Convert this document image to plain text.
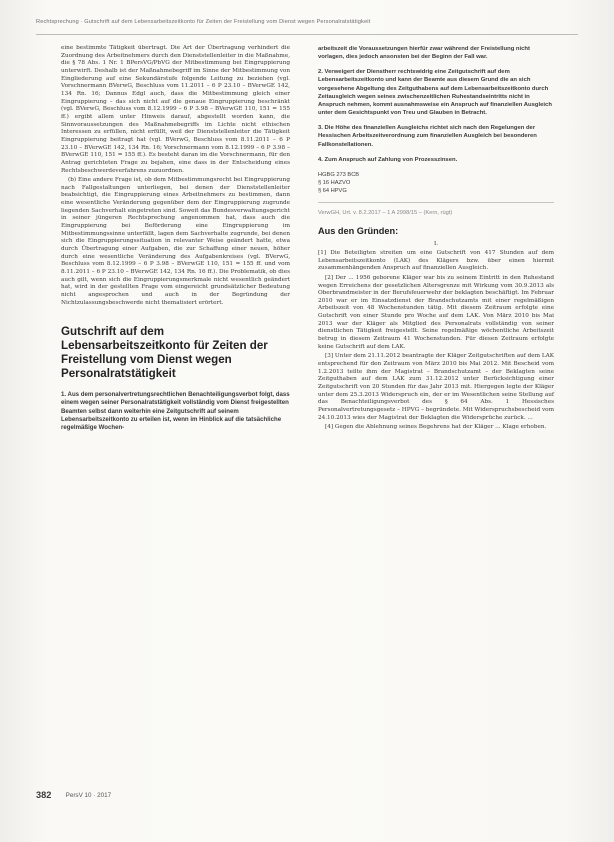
Rechtsprechung · Gutschrift auf dem Lebensarbeitszeitkonto für Zeiten der Freistellung vom Dienst wegen Personalratstätigkeit

eine bestimmte Tätigkeit übertragt. Die Art der Übertragung verhindert die Zuordnung des Arbeitnehmers durch den Dienststellenleiter in die Maßnahme, die § 78 Abs. 1 Nr. 1 BPersVG/PbVG der Mitbestimmung bei Eingruppierung unterwirft. Deshalb ist der Maßnahmebegriff im Sinne der Mitbestimmung von Eingliederung auf eine Sekundärstufe folgende Leitung zu beziehen (vgl. Vorschnermann BVerwG, Beschluss vom 11.2011 – 6 P 23.10 – BVerwGE 142, 134 Rn. 16; Dannus Edgl auch, dass die Mitbestimmung gleich einer Eingruppierung – das sich nicht auf die genaue Eingruppierung beschränkt (vgl. BVerwG, Beschluss vom 8.12.1999 – 6 P 3.98 – BVerwGE 110, 151 = 155 ff.) ergibt allem unter Hinweis darauf, abgestellt worden kann, die Sinnvoraussetzungen des Maßnahmebegriffs im Lichte nicht ethischen Interessen zu erfüllen, nicht erfüllt, weil der Dienststellenleiter die Tätigkeit Eingruppierung beitragt hat (vgl. BVerwG, Beschluss vom 8.11.2011 – 6 P 23.10 – BVerwGE 142, 134 Rn. 16; Vorschnermann vom 8.12.1999 – 6 P 3.98 – BVerwGE 110, 151 = 155 ff.). Es besteht daran im die Vorschnermann, für den Antrag gerichteten Frage zu bejahen, eine dass in der Entscheidung eines Rechtsbeschwerdeverfahrens zuzuordnen.

(b) Eine andere Frage ist, ob dem Mitbestimmungsrecht bei Eingruppierung nach Fallgestaltungen unterliegen, bei denen der Dienststellenleiter beabsichtigt, die Eingruppierung eines Arbeitnehmers zu bestimmen, dann eine wesentliche Veränderung gegenüber dem der Eingruppierung zugrunde liegenden Sachverhalt eingetreten sind. Soweit das Bundesverwaltungsgericht in seiner jüngeren Rechtsprechung angenommen hat, dass auch die Eingruppierung bei Beförderung eine Eingruppierung im Mitbestimmungssinne unterfällt, lagen dem Sachverhalte zugrunde, bei denen sich die Eingruppierungssituation in relevanter Weise geändert hatte, etwa durch Übertragung einer Aufgaben, die zur Schaffung einer neuen, höher durch eine wesentliche Veränderung des Aufgabenkreises (vgl. BVerwG, Beschluss vom 8.12.1999 – 6 P 3.98 – BVerwGE 110, 151 = 155 ff. und vom 8.11.2011 – 6 P 23.10 – BVerwGE 142, 134 Rn. 16 ff.). Die Problematik, ob dies auch gilt, wenn sich die Eingruppierungsmerkmale nicht wesentlich geändert hat, wird in der gestellten Frage vom eingereicht grundsätzlicher Bedeutung nicht angesprochen und auch in der Begründung der Nichtzulassungsbeschwerde nicht thematisiert erörtert.

Gutschrift auf dem Lebensarbeitszeitkonto für Zeiten der Freistellung vom Dienst wegen Personalratstätigkeit
1. Aus dem personalvertretungsrechtlichen Benachteiligungsverbot folgt, dass einem wegen seiner Personalratstätigkeit vollständig vom Dienst freigestellten Beamten selbst dann weiterhin eine Zeitgutschrift auf seinem Lebensarbeitszeitkonto zu erteilen ist, wenn im Hinblick auf die tatsächliche regelmäßige Wochen-
arbeitszeit die Voraussetzungen hierfür zwar während der Freistellung nicht vorlagen, dies jedoch ansonsten bei der Beginn der Fall war.
2. Verweigert der Dienstherr rechtswidrig eine Zeitgutschrift auf dem Lebensarbeitszeitkonto und kann der Beamte aus diesem Grund die an sich vorgesehene Abgeltung des Zeitguthabens auf dem Lebensarbeitszeitkonto durch Zeitausgleich wegen seines zwischenzeitlichen Ruhestandseintritts nicht in Anspruch nehmen, kommt ausnahmsweise ein Anspruch auf finanziellen Ausgleich unter dem Gesichtspunkt von Treu und Glauben in Betracht.
3. Die Höhe des finanziellen Ausgleichs richtet sich nach den Regelungen der Hessischen Arbeitszeitverordnung zum finanziellen Ausgleich bei besonderen Fallkonstellationen.
4. Zum Anspruch auf Zahlung von Prozesszinsen.
HGBG 273 BCB
§ 16 HAZVO
§ 64 HPVG
VerwGH, Urt. v. 8.2.2017 – 1 A 2998/15 – (Kern, rügt)
Aus den Gründen:
I.

[1] Die Beteiligten streiten um eine Gutschrift von 417 Stunden auf dem Lebensarbeitszeitkonto (LAK) des Klägers bzw. über einen hiermit zusammenhängenden Anspruch auf finanziellen Ausgleich.

[2] Der ... 1956 geborene Kläger war bis zu seinem Eintritt in den Ruhestand wegen Erreichens der gesetzlichen Altersgrenze mit Wirkung vom 30.9.2013 als Oberbrandmeister in der Berufsfeuerwehr der beklagten beschäftigt. Im Februar 2010 war er im Einsatzdienst der Brandschutzamts mit einer regelmäßigen Arbeitszeit von 48 Wochenstunden tätig. Mit diesem Zeitraum erfolgte eine Gutschrift von einer Stunde pro Woche auf dem LAK. Von März 2010 bis Mai 2013 war der Kläger als Mitglied des Personalrats vollständig von seiner dienstlichen Tätigkeit freigestellt. Seine regelmäßige wöchentliche Arbeitszeit betrug in diesem Zeitraum 41 Wochenstunden. Für diesen Zeitraum erfolgte keine Gutschrift auf dem LAK.

[3] Unter dem 21.11.2012 beantragte der Kläger Zeitgutschriften auf dem LAK entsprechend für den Zeitraum von März 2010 bis Mai 2012. Mit Bescheid vom 1.2.2013 teilte ihm der Magistrat – Brandschutzamt – der Beklagten seine Zeitguthaben auf dem LAK zum 31.12.2012 unter Berücksichtigung einer Zeitgutschrift von 20 Stunden für das Jahr 2013 mit. Hiergegen legte der Kläger unter dem 25.3.2013 Widerspruch ein, der er im Wesentlichen seine Stellung auf das Benachteiligungsverbot des § 64 Abs. 1 Hessisches Personalvertretungsgesetz – HPVG – begründete. Mit Widerspruchsbescheid vom 24.10.2013 wies der Magistrat der Beklagten die Widersprüche zurück. ...

[4] Gegen die Ablehnung seines Begehrens hat der Kläger ... Klage erhoben.

382 PersV 10 · 2017
